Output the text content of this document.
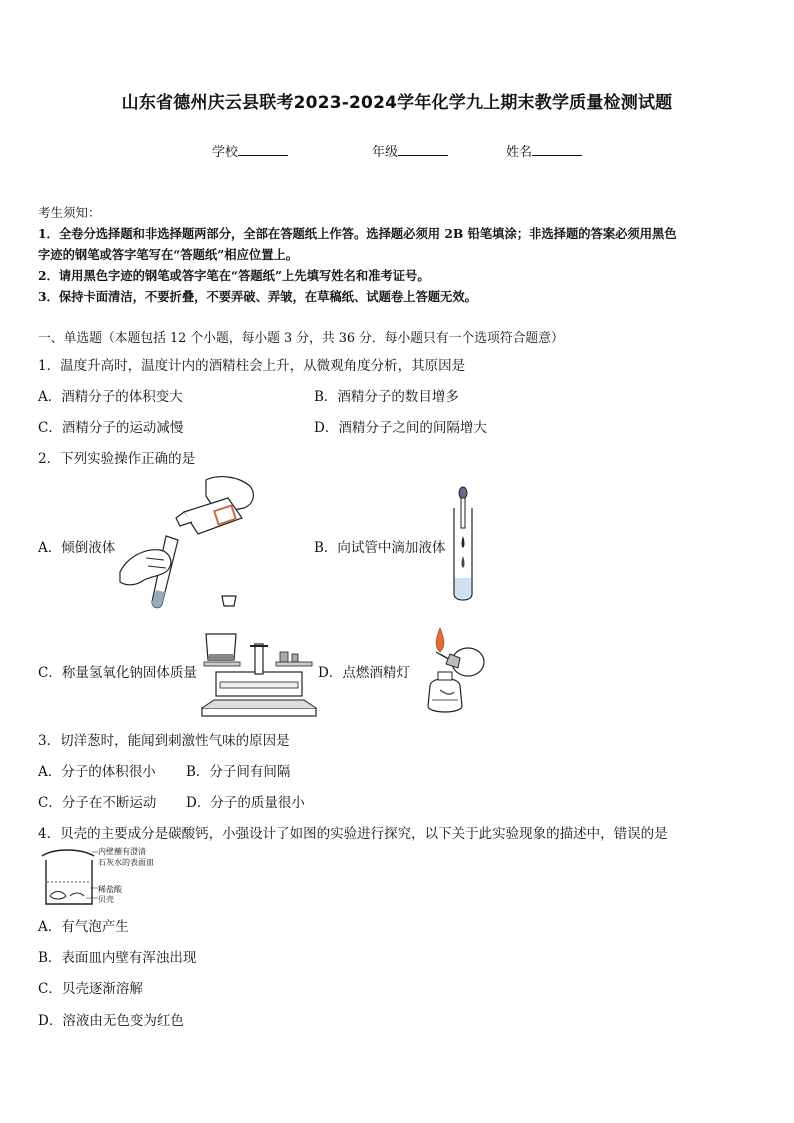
山东省德州庆云县联考2023-2024学年化学九上期末教学质量检测试题
学校	年级	姓名
考生须知：
1．全卷分选择题和非选择题两部分，全部在答题纸上作答。选择题必须用 2B 铅笔填涂；非选择题的答案必须用黑色
字迹的钢笔或答字笔写在“答题纸”相应位置上。
2．请用黑色字迹的钢笔或答字笔在“答题纸”上先填写姓名和准考证号。
3．保持卡面清洁，不要折叠，不要弄破、弄皱，在草稿纸、试题卷上答题无效。
一、单选题（本题包括 12 个小题，每小题 3 分，共 36 分．每小题只有一个选项符合题意）
1．温度升高时，温度计内的酒精柱会上升，从微观角度分析，其原因是
A．酒精分子的体积变大	B．酒精分子的数目增多
C．酒精分子的运动减慢	D．酒精分子之间的间隔增大
2．下列实验操作正确的是
A．倾倒液体	B．向试管中滴加液体
C．称量氢氧化钠固体质量	D．点燃酒精灯
3．切洋葱时，能闻到刺激性气味的原因是
A．分子的体积很小 B．分子间有间隔
C．分子在不断运动 D．分子的质量很小
4．贝壳的主要成分是碳酸钙，小强设计了如图的实验进行探究，以下关于此实验现象的描述中，错误的是
内壁蘸有澄清
石灰水的表面皿
稀盐酸
贝壳
A．有气泡产生
B．表面皿内壁有浑浊出现
C．贝壳逐渐溶解
D．溶液由无色变为红色
